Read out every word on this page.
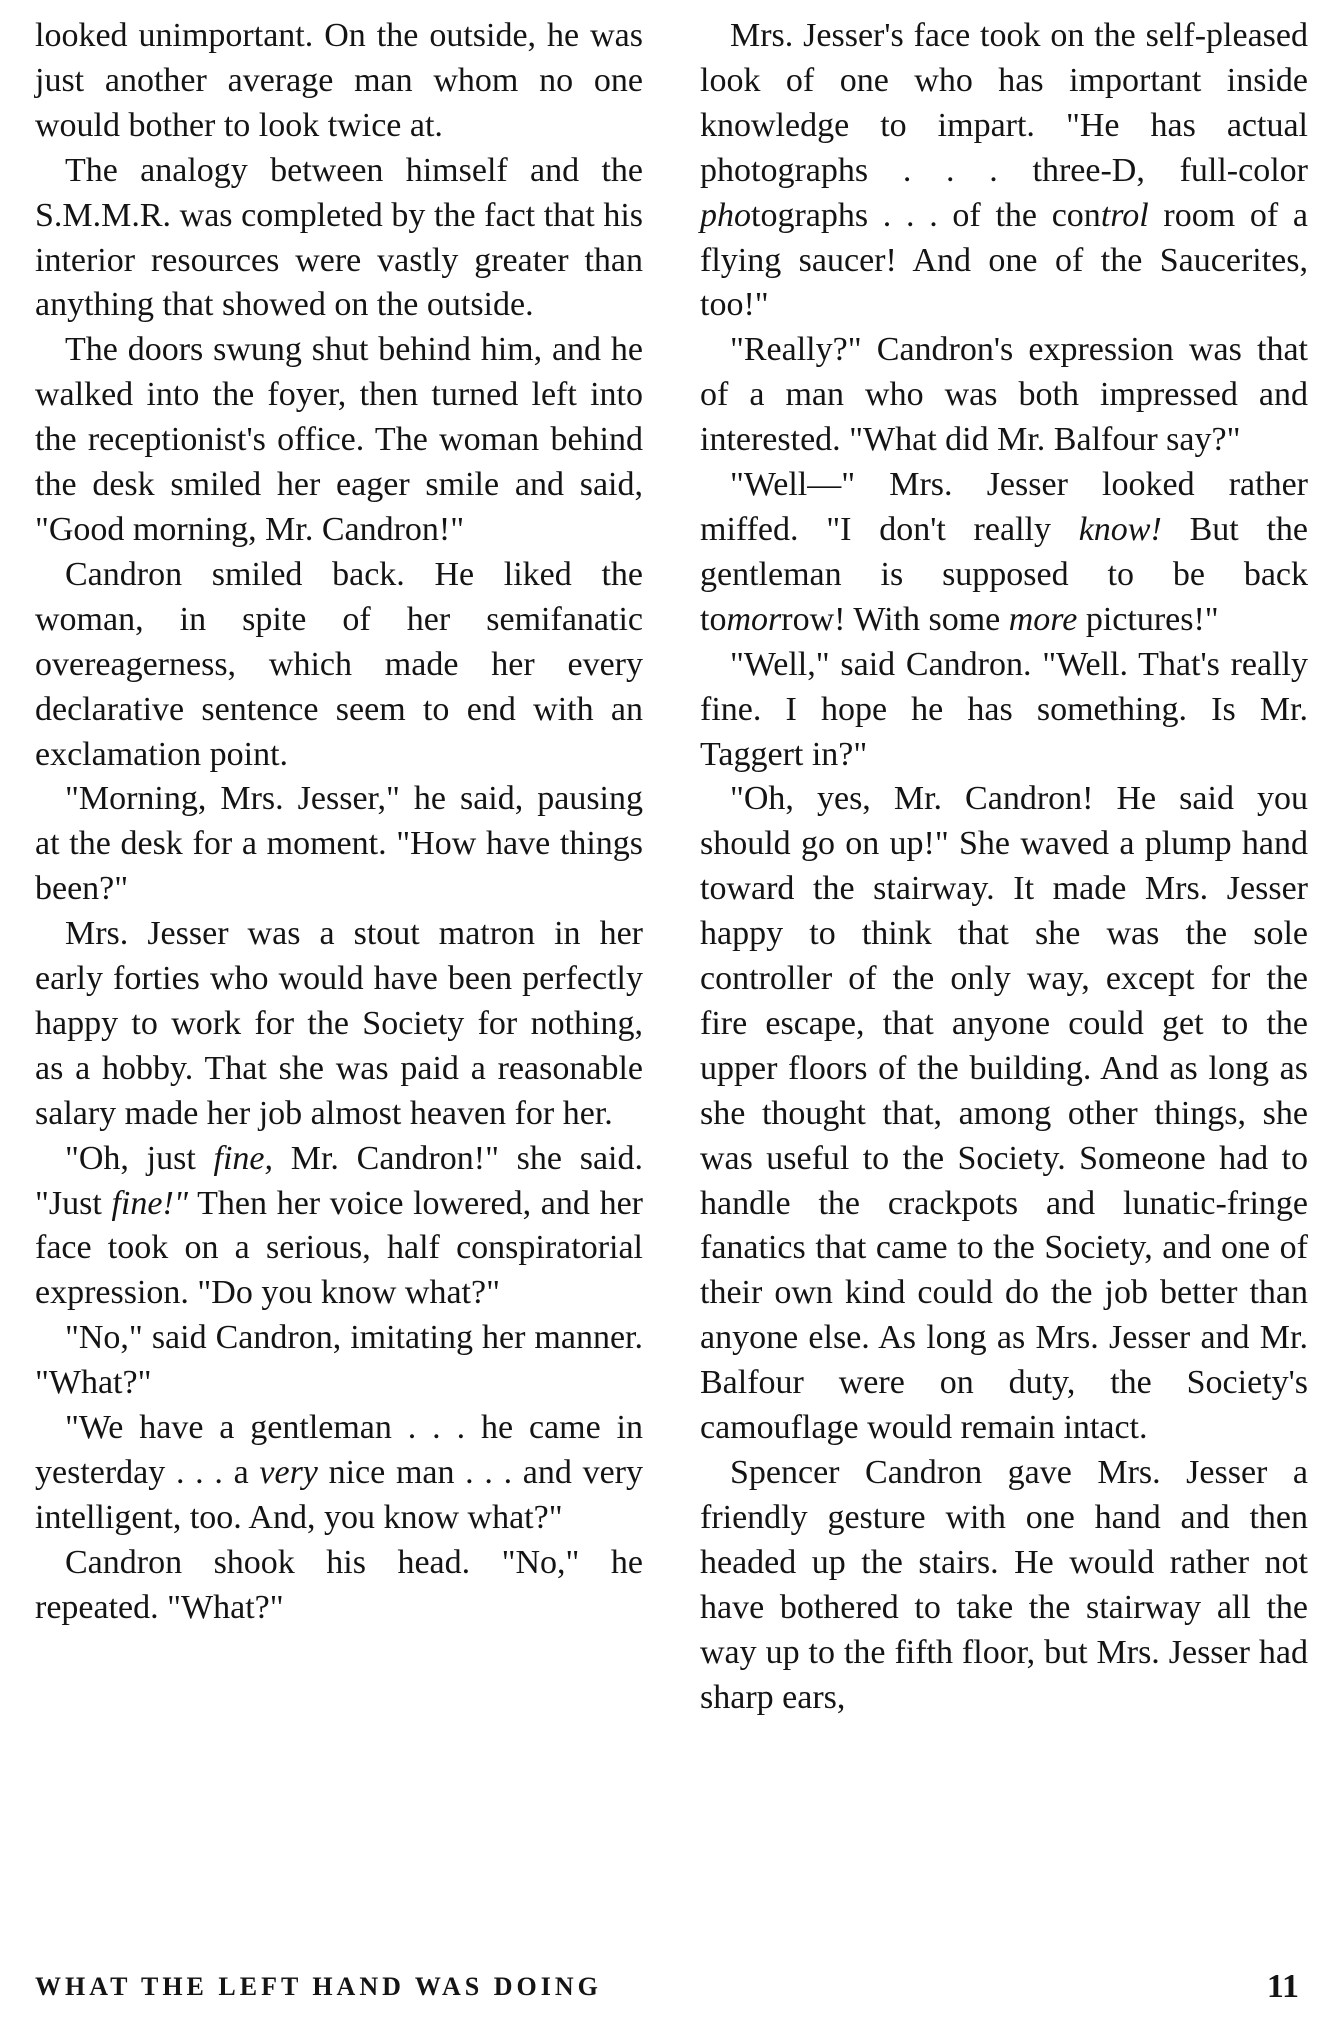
looked unimportant. On the outside, he was just another average man whom no one would bother to look twice at.

The analogy between himself and the S.M.M.R. was completed by the fact that his interior resources were vastly greater than anything that showed on the outside.

The doors swung shut behind him, and he walked into the foyer, then turned left into the receptionist's office. The woman behind the desk smiled her eager smile and said, "Good morning, Mr. Candron!"

Candron smiled back. He liked the woman, in spite of her semifanatic overeagerness, which made her every declarative sentence seem to end with an exclamation point.

"Morning, Mrs. Jesser," he said, pausing at the desk for a moment. "How have things been?"

Mrs. Jesser was a stout matron in her early forties who would have been perfectly happy to work for the Society for nothing, as a hobby. That she was paid a reasonable salary made her job almost heaven for her.

"Oh, just fine, Mr. Candron!" she said. "Just fine!" Then her voice lowered, and her face took on a serious, half conspiratorial expression. "Do you know what?"

"No," said Candron, imitating her manner. "What?"

"We have a gentleman . . . he came in yesterday . . . a very nice man . . . and very intelligent, too. And, you know what?"

Candron shook his head. "No," he repeated. "What?"

Mrs. Jesser's face took on the self-pleased look of one who has important inside knowledge to impart. "He has actual photographs . . . three-D, full-color photographs . . . of the control room of a flying saucer! And one of the Saucerites, too!"

"Really?" Candron's expression was that of a man who was both impressed and interested. "What did Mr. Balfour say?"

"Well—" Mrs. Jesser looked rather miffed. "I don't really know! But the gentleman is supposed to be back tomorrow! With some more pictures!"

"Well," said Candron. "Well. That's really fine. I hope he has something. Is Mr. Taggert in?"

"Oh, yes, Mr. Candron! He said you should go on up!" She waved a plump hand toward the stairway. It made Mrs. Jesser happy to think that she was the sole controller of the only way, except for the fire escape, that anyone could get to the upper floors of the building. And as long as she thought that, among other things, she was useful to the Society. Someone had to handle the crackpots and lunatic-fringe fanatics that came to the Society, and one of their own kind could do the job better than anyone else. As long as Mrs. Jesser and Mr. Balfour were on duty, the Society's camouflage would remain intact.

Spencer Candron gave Mrs. Jesser a friendly gesture with one hand and then headed up the stairs. He would rather not have bothered to take the stairway all the way up to the fifth floor, but Mrs. Jesser had sharp ears,

WHAT THE LEFT HAND WAS DOING	11
